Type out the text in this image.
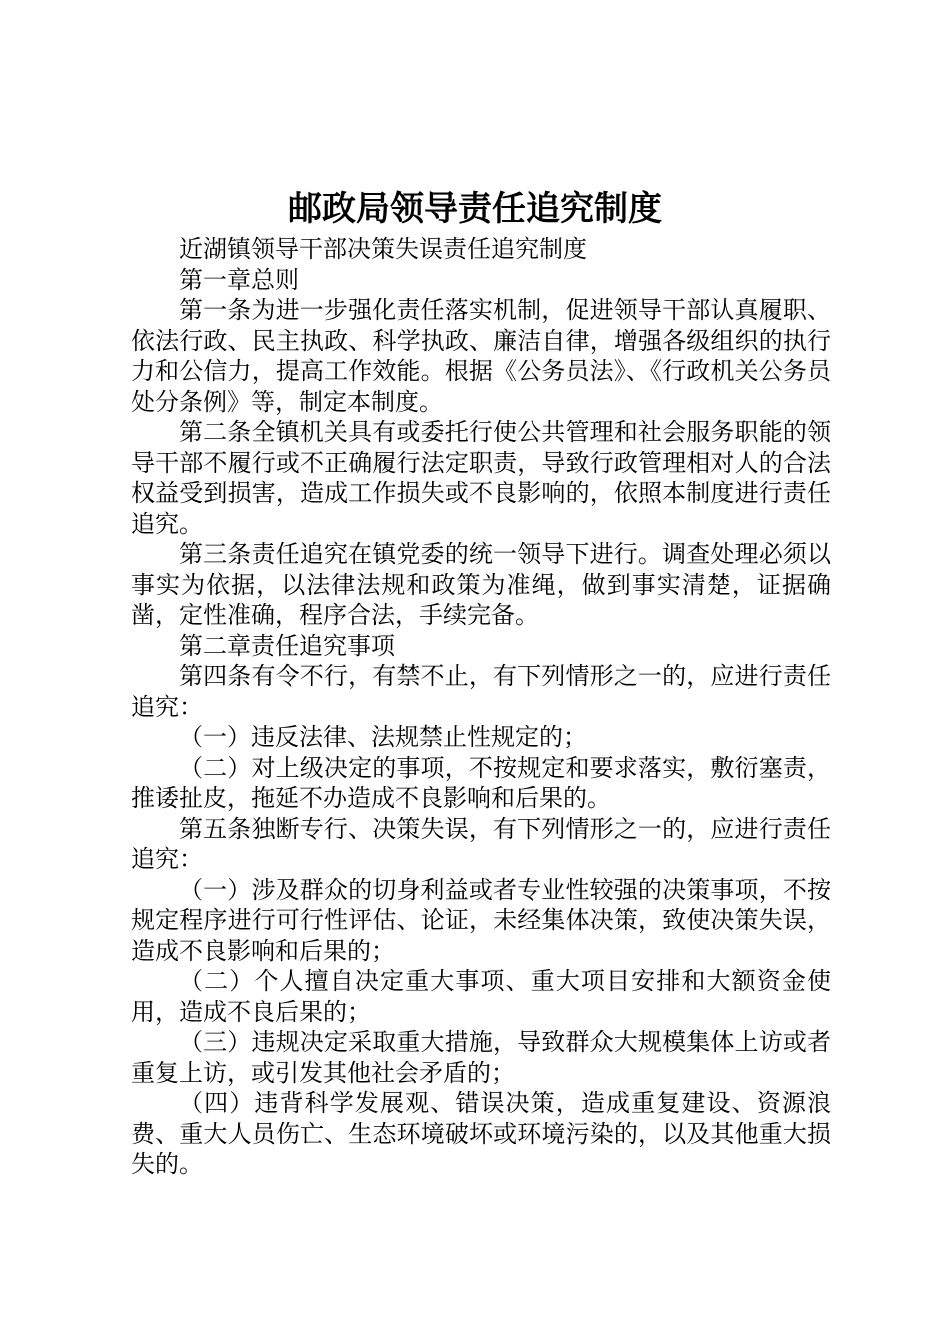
邮政局领导责任追究制度

近湖镇领导干部决策失误责任追究制度

第一章总则

第一条为进一步强化责任落实机制，促进领导干部认真履职、依法行政、民主执政、科学执政、廉洁自律，增强各级组织的执行力和公信力，提高工作效能。根据《公务员法》、《行政机关公务员处分条例》等，制定本制度。

第二条全镇机关具有或委托行使公共管理和社会服务职能的领导干部不履行或不正确履行法定职责，导致行政管理相对人的合法权益受到损害，造成工作损失或不良影响的，依照本制度进行责任追究。

第三条责任追究在镇党委的统一领导下进行。调查处理必须以事实为依据，以法律法规和政策为准绳，做到事实清楚，证据确凿，定性准确，程序合法，手续完备。

第二章责任追究事项

第四条有令不行，有禁不止，有下列情形之一的，应进行责任追究：

（一）违反法律、法规禁止性规定的；

（二）对上级决定的事项，不按规定和要求落实，敷衍塞责，推诿扯皮，拖延不办造成不良影响和后果的。

第五条独断专行、决策失误，有下列情形之一的，应进行责任追究：

（一）涉及群众的切身利益或者专业性较强的决策事项，不按规定程序进行可行性评估、论证，未经集体决策，致使决策失误，造成不良影响和后果的；

（二）个人擅自决定重大事项、重大项目安排和大额资金使用，造成不良后果的；

（三）违规决定采取重大措施，导致群众大规模集体上访或者重复上访，或引发其他社会矛盾的；

（四）违背科学发展观、错误决策，造成重复建设、资源浪费、重大人员伤亡、生态环境破坏或环境污染的，以及其他重大损失的。
